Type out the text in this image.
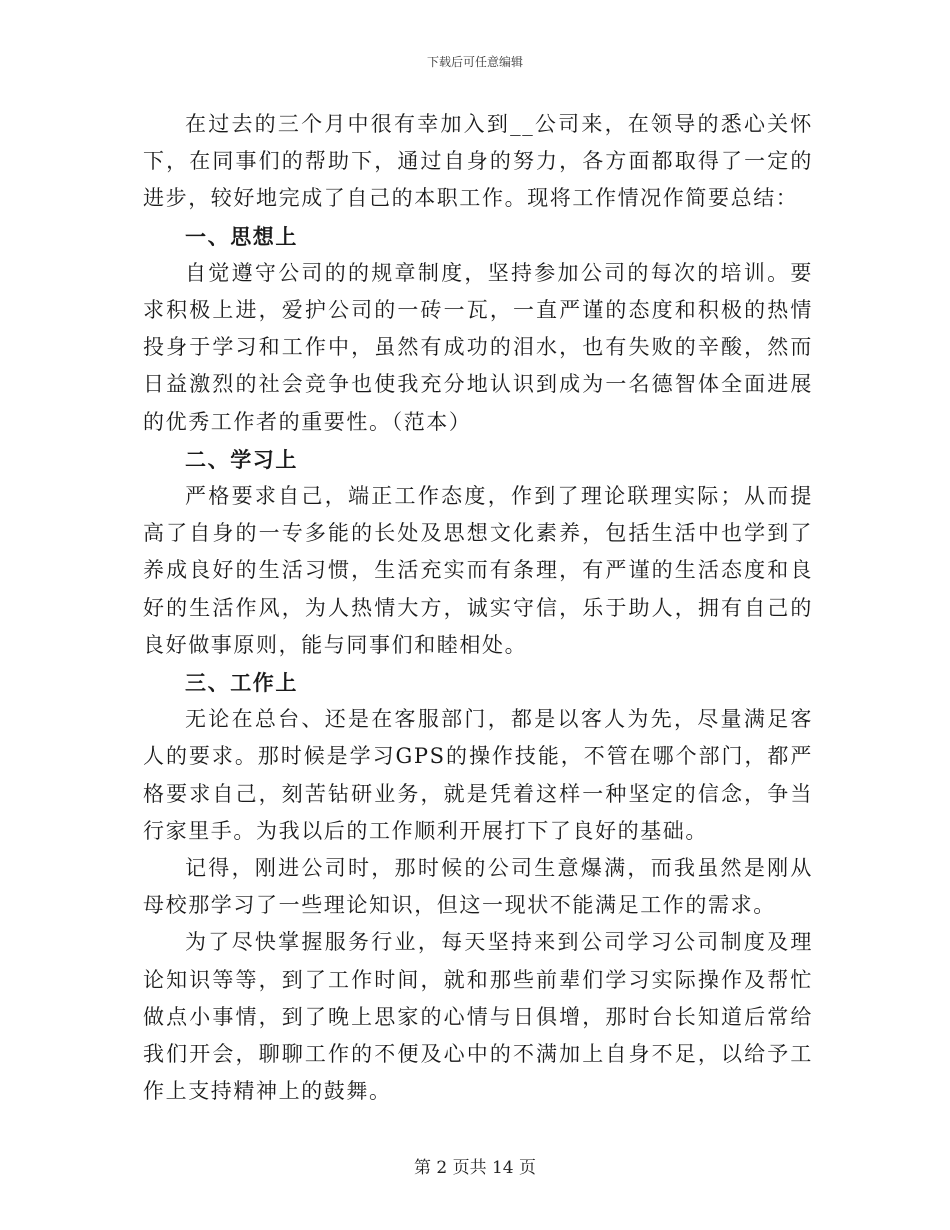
下载后可任意编辑

在过去的三个月中很有幸加入到__公司来，在领导的悉心关怀下，在同事们的帮助下，通过自身的努力，各方面都取得了一定的进步，较好地完成了自己的本职工作。现将工作情况作简要总结：

一、思想上

自觉遵守公司的的规章制度，坚持参加公司的每次的培训。要求积极上进，爱护公司的一砖一瓦，一直严谨的态度和积极的热情投身于学习和工作中，虽然有成功的泪水，也有失败的辛酸，然而日益激烈的社会竞争也使我充分地认识到成为一名德智体全面进展的优秀工作者的重要性。（范本）

二、学习上

严格要求自己，端正工作态度，作到了理论联理实际；从而提高了自身的一专多能的长处及思想文化素养，包括生活中也学到了养成良好的生活习惯，生活充实而有条理，有严谨的生活态度和良好的生活作风，为人热情大方，诚实守信，乐于助人，拥有自己的良好做事原则，能与同事们和睦相处。

三、工作上

无论在总台、还是在客服部门，都是以客人为先，尽量满足客人的要求。那时候是学习GPS的操作技能，不管在哪个部门，都严格要求自己，刻苦钻研业务，就是凭着这样一种坚定的信念，争当行家里手。为我以后的工作顺利开展打下了良好的基础。

记得，刚进公司时，那时候的公司生意爆满，而我虽然是刚从母校那学习了一些理论知识，但这一现状不能满足工作的需求。

为了尽快掌握服务行业，每天坚持来到公司学习公司制度及理论知识等等，到了工作时间，就和那些前辈们学习实际操作及帮忙做点小事情，到了晚上思家的心情与日俱增，那时台长知道后常给我们开会，聊聊工作的不便及心中的不满加上自身不足，以给予工作上支持精神上的鼓舞。

第 2 页共 14 页
